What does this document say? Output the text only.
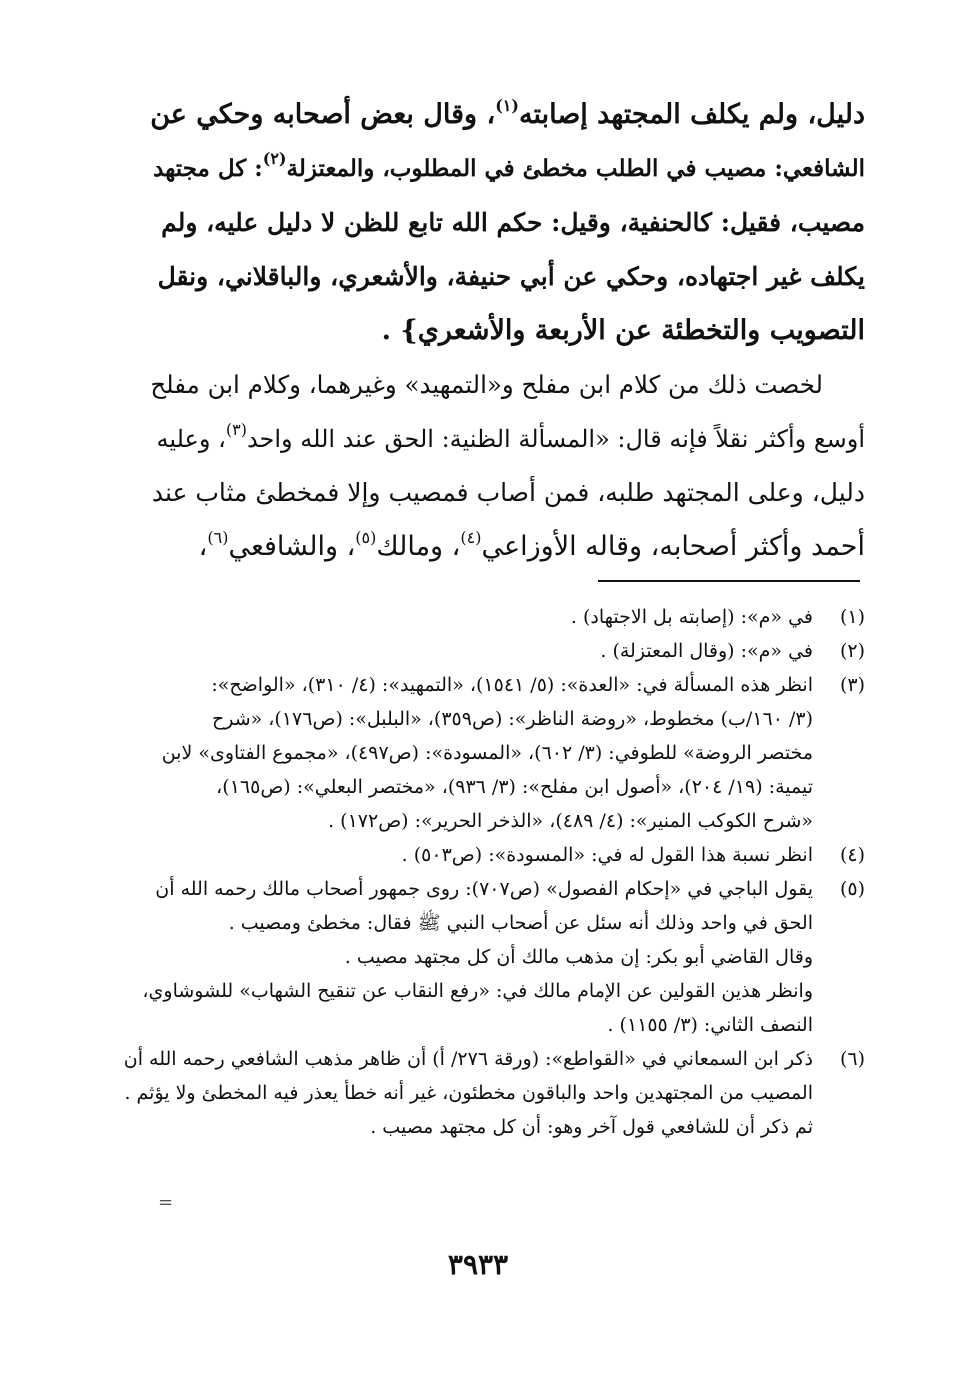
دليل، ولم يكلف المجتهد إصابته$^{(١)}$، وقال بعض أصحابه وحكي عن
الشافعي: مصيب في الطلب مخطئ في المطلوب، والمعتزلة$^{(٢)}$: كل مجتهد
مصيب، فقيل: كالحنفية، وقيل: حكم الله تابع للظن لا دليل عليه، ولم
يكلف غير اجتهاده، وحكي عن أبي حنيفة، والأشعري، والباقلاني، ونقل
التصويب والتخطئة عن الأربعة والأشعري} .
لخصت ذلك من كلام ابن مفلح و«التمهيد» وغيرهما، وكلام ابن مفلح
أوسع وأكثر نقلاً فإنه قال: «المسألة الظنية: الحق عند الله واحد$^{(٣)}$، وعليه
دليل، وعلى المجتهد طلبه، فمن أصاب فمصيب وإلا فمخطئ مثاب عند
أحمد وأكثر أصحابه، وقاله الأوزاعي$^{(٤)}$، ومالك$^{(٥)}$، والشافعي$^{(٦)}$،
(١)
في «م»: (إصابته بل الاجتهاد) .
(٢)
في «م»: (وقال المعتزلة) .
(٣)
انظر هذه المسألة في: «العدة»: (٥/ ١٥٤١)، «التمهيد»: (٤/ ٣١٠)، «الواضح»:
(٣/ ١٦٠/ب) مخطوط، «روضة الناظر»: (ص٣٥٩)، «البلبل»: (ص١٧٦)، «شرح
مختصر الروضة» للطوفي: (٣/ ٦٠٢)، «المسودة»: (ص٤٩٧)، «مجموع الفتاوى» لابن
تيمية: (١٩/ ٢٠٤)، «أصول ابن مفلح»: (٣/ ٩٣٦)، «مختصر البعلي»: (ص١٦٥)،
«شرح الكوكب المنير»: (٤/ ٤٨٩)، «الذخر الحرير»: (ص١٧٢) .
(٤)
انظر نسبة هذا القول له في: «المسودة»: (ص٥٠٣) .
(٥)
يقول الباجي في «إحكام الفصول» (ص٧٠٧): روى جمهور أصحاب مالك رحمه الله أن
الحق في واحد وذلك أنه سئل عن أصحاب النبي ﷺ فقال: مخطئ ومصيب .
وقال القاضي أبو بكر: إن مذهب مالك أن كل مجتهد مصيب .
وانظر هذين القولين عن الإمام مالك في: «رفع النقاب عن تنقيح الشهاب» للشوشاوي،
النصف الثاني: (٣/ ١١٥٥) .
(٦)
ذكر ابن السمعاني في «القواطع»: (ورقة ٢٧٦/ أ) أن ظاهر مذهب الشافعي رحمه الله أن
المصيب من المجتهدين واحد والباقون مخطئون، غير أنه خطأ يعذر فيه المخطئ ولا يؤثم .
ثم ذكر أن للشافعي قول آخر وهو: أن كل مجتهد مصيب .
=
٣٩٣٣
